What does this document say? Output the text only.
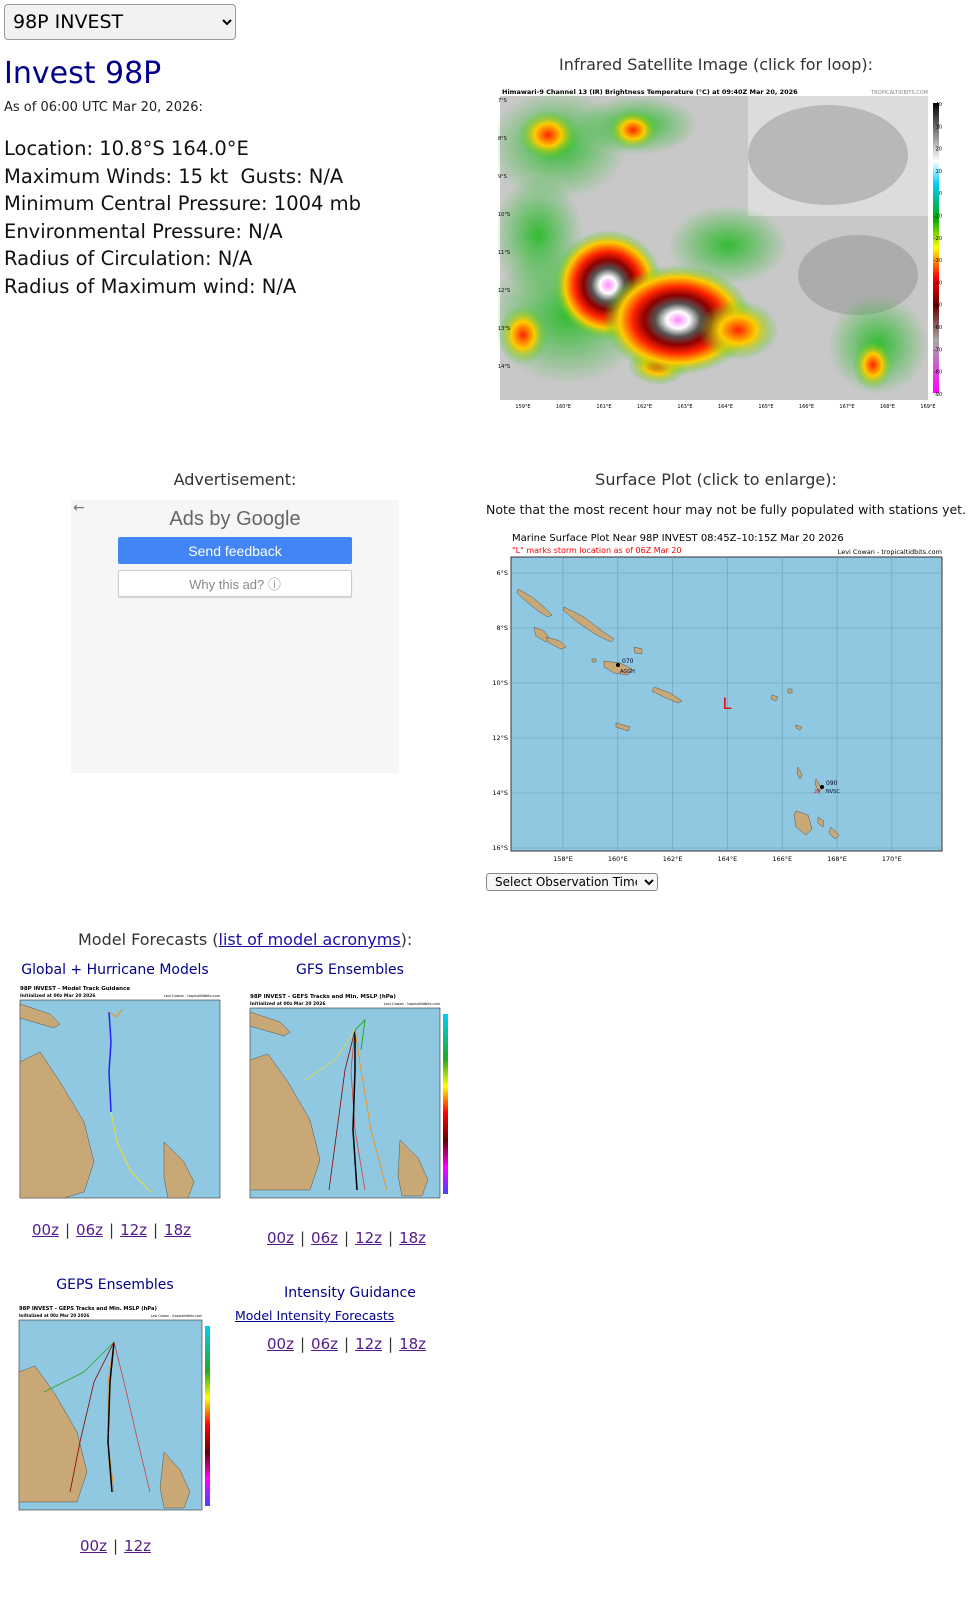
98P INVEST
Invest 98P
As of 06:00 UTC Mar 20, 2026:
Location: 10.8°S 164.0°E
Maximum Winds: 15 kt  Gusts: N/A
Minimum Central Pressure: 1004 mb
Environmental Pressure: N/A
Radius of Circulation: N/A
Radius of Maximum wind: N/A
Infrared Satellite Image (click for loop):
Himawari-9 Channel 13 (IR) Brightness Temperature (°C) at 09:40Z Mar 20, 2026	TROPICALTIDBITS.COM
7°S
8°S
9°S
10°S
11°S
12°S
13°S
14°S
159°E	160°E	161°E	162°E	163°E	164°E	165°E	166°E	167°E	168°E	169°E
40
30
20
10
0
-10
-20
-30
-40
-50
-60
-70
-80
-90
Advertisement:
←	Ads by Google
Send feedback
Why this ad? ⓘ
Surface Plot (click to enlarge):
Note that the most recent hour may not be fully populated with stations yet.
Marine Surface Plot Near 98P INVEST 08:45Z–10:15Z Mar 20 2026
"L" marks storm location as of 06Z Mar 20	Levi Cowan - tropicaltidbits.com
6°S
8°S
10°S
12°S
14°S
16°S
158°E	160°E	162°E	164°E	166°E	168°E	170°E
L
070
AGGH
090
NVSC
26
Select Observation Time...
Model Forecasts (list of model acronyms):
Global + Hurricane Models
98P INVEST - Model Track Guidance
Initialized at 00z Mar 20 2026	Levi Cowan - tropicaltidbits.com
00z | 06z | 12z | 18z
GFS Ensembles
98P INVEST - GEFS Tracks and Min. MSLP (hPa)
Initialized at 00z Mar 20 2026	Levi Cowan - tropicaltidbits.com
00z | 06z | 12z | 18z
GEPS Ensembles
98P INVEST - GEPS Tracks and Min. MSLP (hPa)
Initialized at 00z Mar 20 2026	Levi Cowan - tropicaltidbits.com
00z | 12z
Intensity Guidance
Model Intensity Forecasts
00z | 06z | 12z | 18z
